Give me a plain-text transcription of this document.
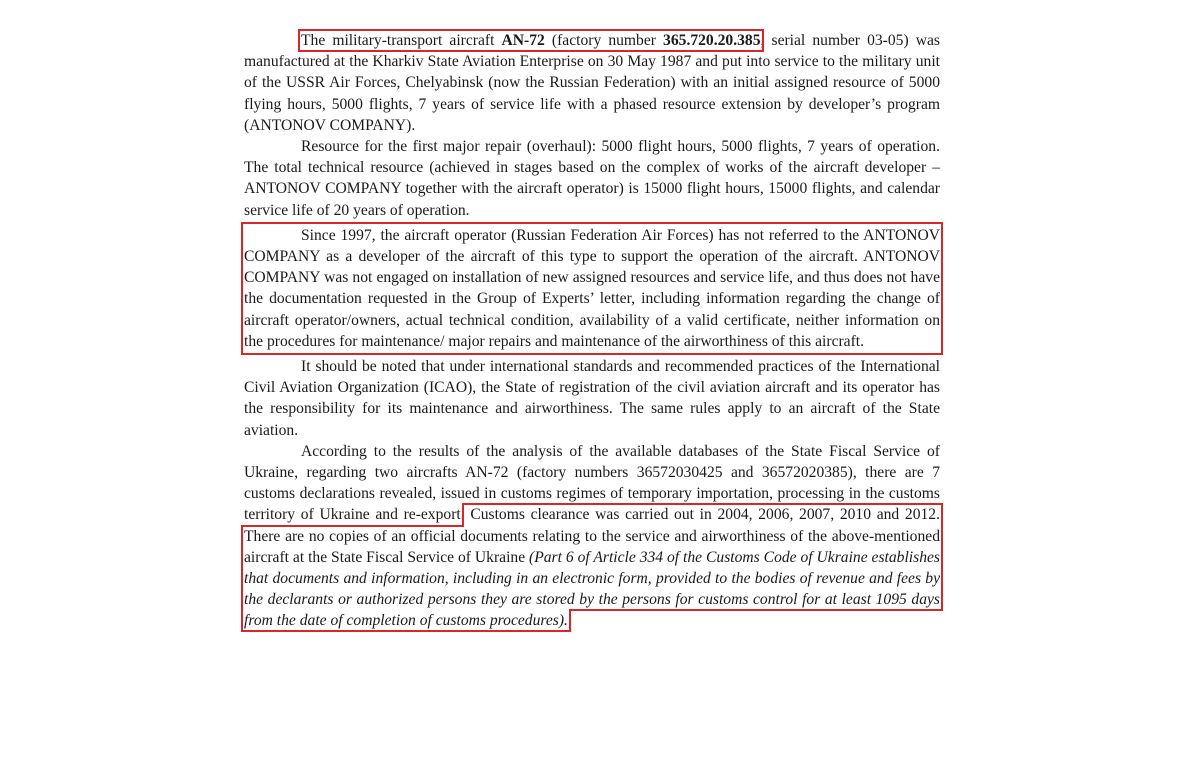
The military-transport aircraft AN-72 (factory number 365.720.20.385, serial number 03-05) was manufactured at the Kharkiv State Aviation Enterprise on 30 May 1987 and put into service to the military unit of the USSR Air Forces, Chelyabinsk (now the Russian Federation) with an initial assigned resource of 5000 flying hours, 5000 flights, 7 years of service life with a phased resource extension by developer’s program (ANTONOV COMPANY).

Resource for the first major repair (overhaul): 5000 flight hours, 5000 flights, 7 years of operation. The total technical resource (achieved in stages based on the complex of works of the aircraft developer – ANTONOV COMPANY together with the aircraft operator) is 15000 flight hours, 15000 flights, and calendar service life of 20 years of operation.

Since 1997, the aircraft operator (Russian Federation Air Forces) has not referred to the ANTONOV COMPANY as a developer of the aircraft of this type to support the operation of the aircraft. ANTONOV COMPANY was not engaged on installation of new assigned resources and service life, and thus does not have the documentation requested in the Group of Experts’ letter, including information regarding the change of aircraft operator/owners, actual technical condition, availability of a valid certificate, neither information on the procedures for maintenance/ major repairs and maintenance of the airworthiness of this aircraft.

It should be noted that under international standards and recommended practices of the International Civil Aviation Organization (ICAO), the State of registration of the civil aviation aircraft and its operator has the responsibility for its maintenance and airworthiness. The same rules apply to an aircraft of the State aviation.

According to the results of the analysis of the available databases of the State Fiscal Service of Ukraine, regarding two aircrafts AN-72 (factory numbers 36572030425 and 36572020385), there are 7 customs declarations revealed, issued in customs regimes of temporary importation, processing in the customs territory of Ukraine and re-export. Customs clearance was carried out in 2004, 2006, 2007, 2010 and 2012. There are no copies of an official documents relating to the service and airworthiness of the above-mentioned aircraft at the State Fiscal Service of Ukraine (Part 6 of Article 334 of the Customs Code of Ukraine establishes that documents and information, including in an electronic form, provided to the bodies of revenue and fees by the declarants or authorized persons they are stored by the persons for customs control for at least 1095 days from the date of completion of customs procedures).
